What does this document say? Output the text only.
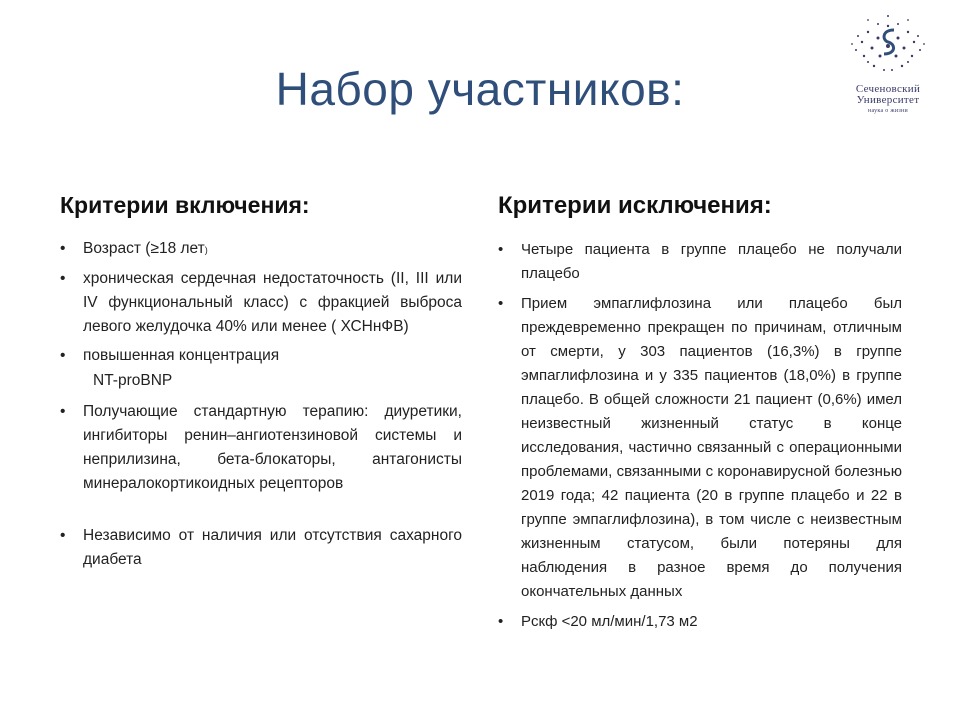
Набор участников:	Сеченовский
Университет
наука о жизни
Критерии включения:
• Возраст (≥18 лет)
• хроническая сердечная недостаточность (II, III или IV функциональный класс) с фракцией выброса левого желудочка 40% или менее ( ХСНнФВ)
• повышенная концентрация
NT-proBNP
• Получающие стандартную терапию: диуретики, ингибиторы ренин–ангиотензиновой системы и неприлизина, бета-блокаторы, антагонисты минералокортикоидных рецепторов
• Независимо от наличия или отсутствия сахарного диабета
Критерии исключения:
• Четыре пациента в группе плацебо не получали плацебо
• Прием эмпаглифлозина или плацебо был преждевременно прекращен по причинам, отличным от смерти, у 303 пациентов (16,3%) в группе эмпаглифлозина и у 335 пациентов (18,0%) в группе плацебо. В общей сложности 21 пациент (0,6%) имел неизвестный жизненный статус в конце исследования, частично связанный с операционными проблемами, связанными с коронавирусной болезнью 2019 года; 42 пациента (20 в группе плацебо и 22 в группе эмпаглифлозина), в том числе с неизвестным жизненным статусом, были потеряны для наблюдения в разное время до получения окончательных данных
• Рскф <20 мл/мин/1,73 м2
